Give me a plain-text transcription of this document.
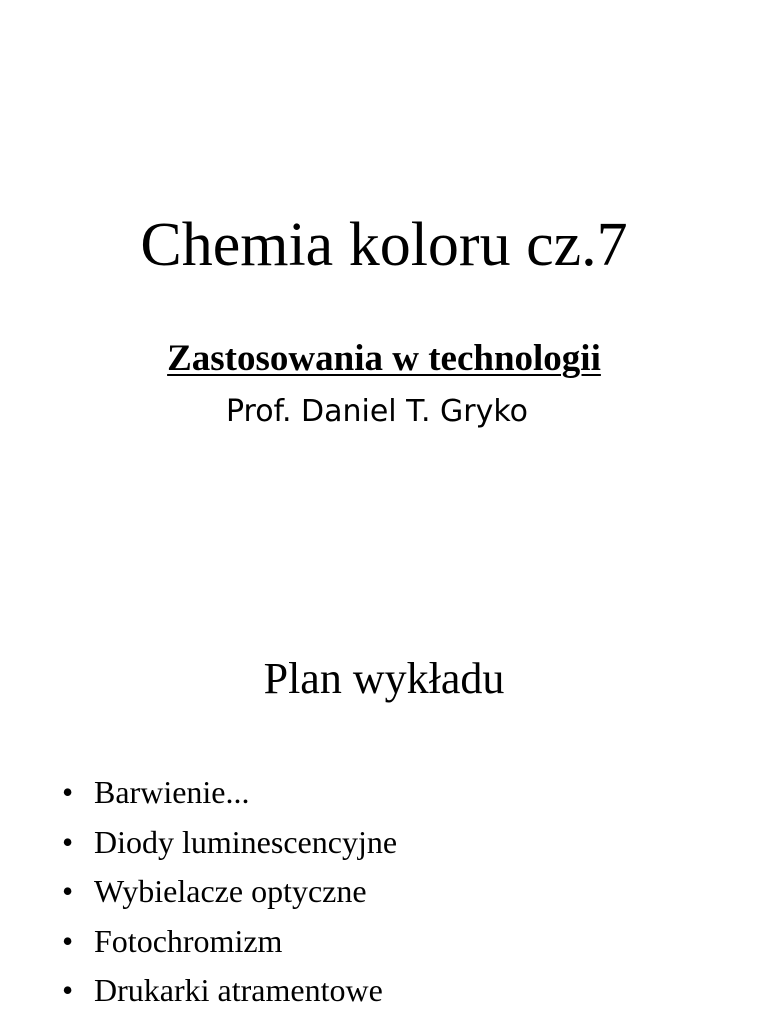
Chemia koloru cz.7
Zastosowania w technologii

Prof. Daniel T. Gryko

Plan wykładu
• Barwienie...
• Diody luminescencyjne
• Wybielacze optyczne
• Fotochromizm
• Drukarki atramentowe
